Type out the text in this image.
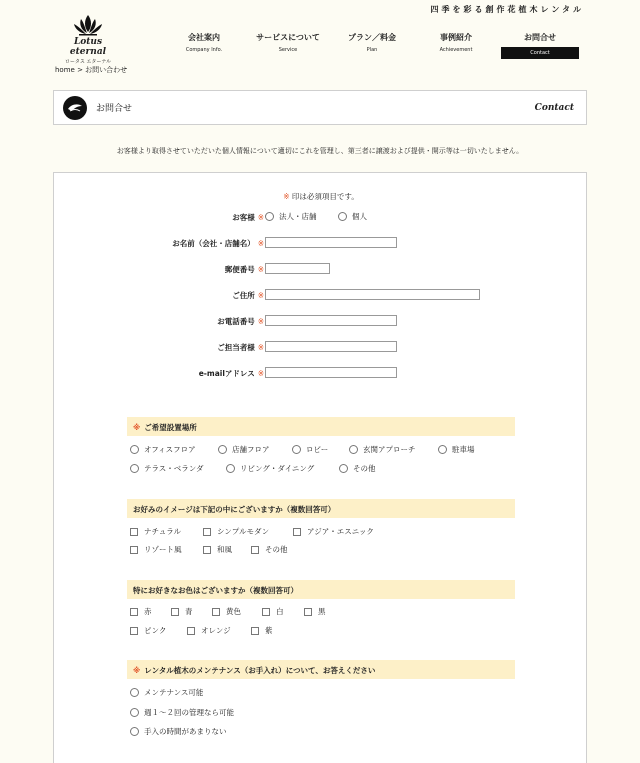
四季を彩る創作花植木レンタル
Lotus eternal
ロータス エターナル
会社案内
Company Info.
サービスについて
Service
プラン／料金
Plan
事例紹介
Achievement
お問合せ
Contact
home > お問い合わせ
お問合せ	Contact
お客様より取得させていただいた個人情報について適切にこれを管理し、第三者に譲渡および提供・開示等は一切いたしません。
※ 印は必須項目です。
お客様 ※	法人・店舗	個人
お名前（会社・店舗名） ※
郵便番号 ※
ご住所 ※
お電話番号 ※
ご担当者様 ※
e-mailアドレス ※
※ ご希望設置場所
オフィスフロア	店舗フロア	ロビー	玄関アプローチ	駐車場
テラス・ベランダ	リビング・ダイニング	その他
お好みのイメージは下記の中にございますか（複数回答可）
ナチュラル	シンプルモダン	アジア・エスニック
リゾート風	和風	その他
特にお好きなお色はございますか（複数回答可）
赤	青	黄色	白	黒
ピンク	オレンジ	紫
※ レンタル植木のメンテナンス（お手入れ）について、お答えください
メンテナンス可能
週１～２回の管理なら可能
手入の時間があまりない
